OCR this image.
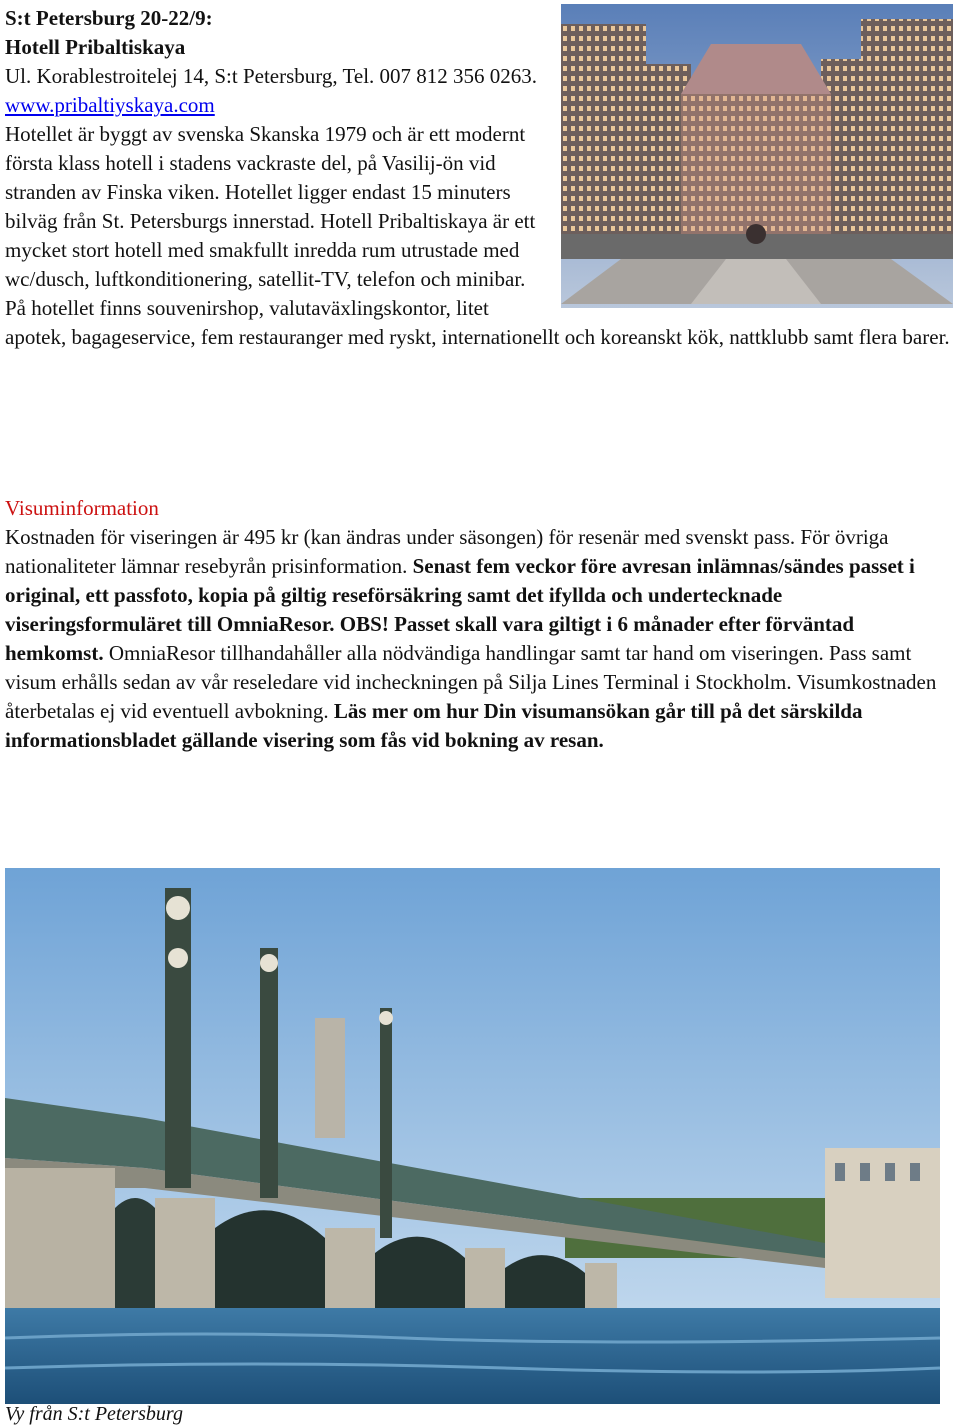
S:t Petersburg 20-22/9:
Hotell Pribaltiskaya
Ul. Korablestroitelej 14, S:t Petersburg, Tel. 007 812 356 0263.
www.pribaltiyskaya.com
Hotellet är byggt av svenska Skanska 1979 och är ett modernt första klass hotell i stadens vackraste del, på Vasilij-ön vid stranden av Finska viken. Hotellet ligger endast 15 minuters bilväg från St. Petersburgs innerstad. Hotell Pribaltiskaya är ett mycket stort hotell med smakfullt inredda rum utrustade med wc/dusch, luftkonditionering, satellit-TV, telefon och minibar. På hotellet finns souvenirshop, valutaväxlingskontor, litet apotek, bagageservice, fem restauranger med ryskt, internationellt och koreanskt kök, nattklubb samt flera barer.
Visuminformation
Kostnaden för viseringen är 495 kr (kan ändras under säsongen) för resenär med svenskt pass. För övriga nationaliteter lämnar resebyrån prisinformation. Senast fem veckor före avresan inlämnas/sändes passet i original, ett passfoto, kopia på giltig reseförsäkring samt det ifyllda och undertecknade viseringsformuläret till OmniaResor. OBS! Passet skall vara giltigt i 6 månader efter förväntad hemkomst. OmniaResor tillhandahåller alla nödvändiga handlingar samt tar hand om viseringen. Pass samt visum erhålls sedan av vår reseledare vid incheckningen på Silja Lines Terminal i Stockholm. Visumkostnaden återbetalas ej vid eventuell avbokning. Läs mer om hur Din visumansökan går till på det särskilda informationsbladet gällande visering som fås vid bokning av resan.
Vy från S:t Petersburg
